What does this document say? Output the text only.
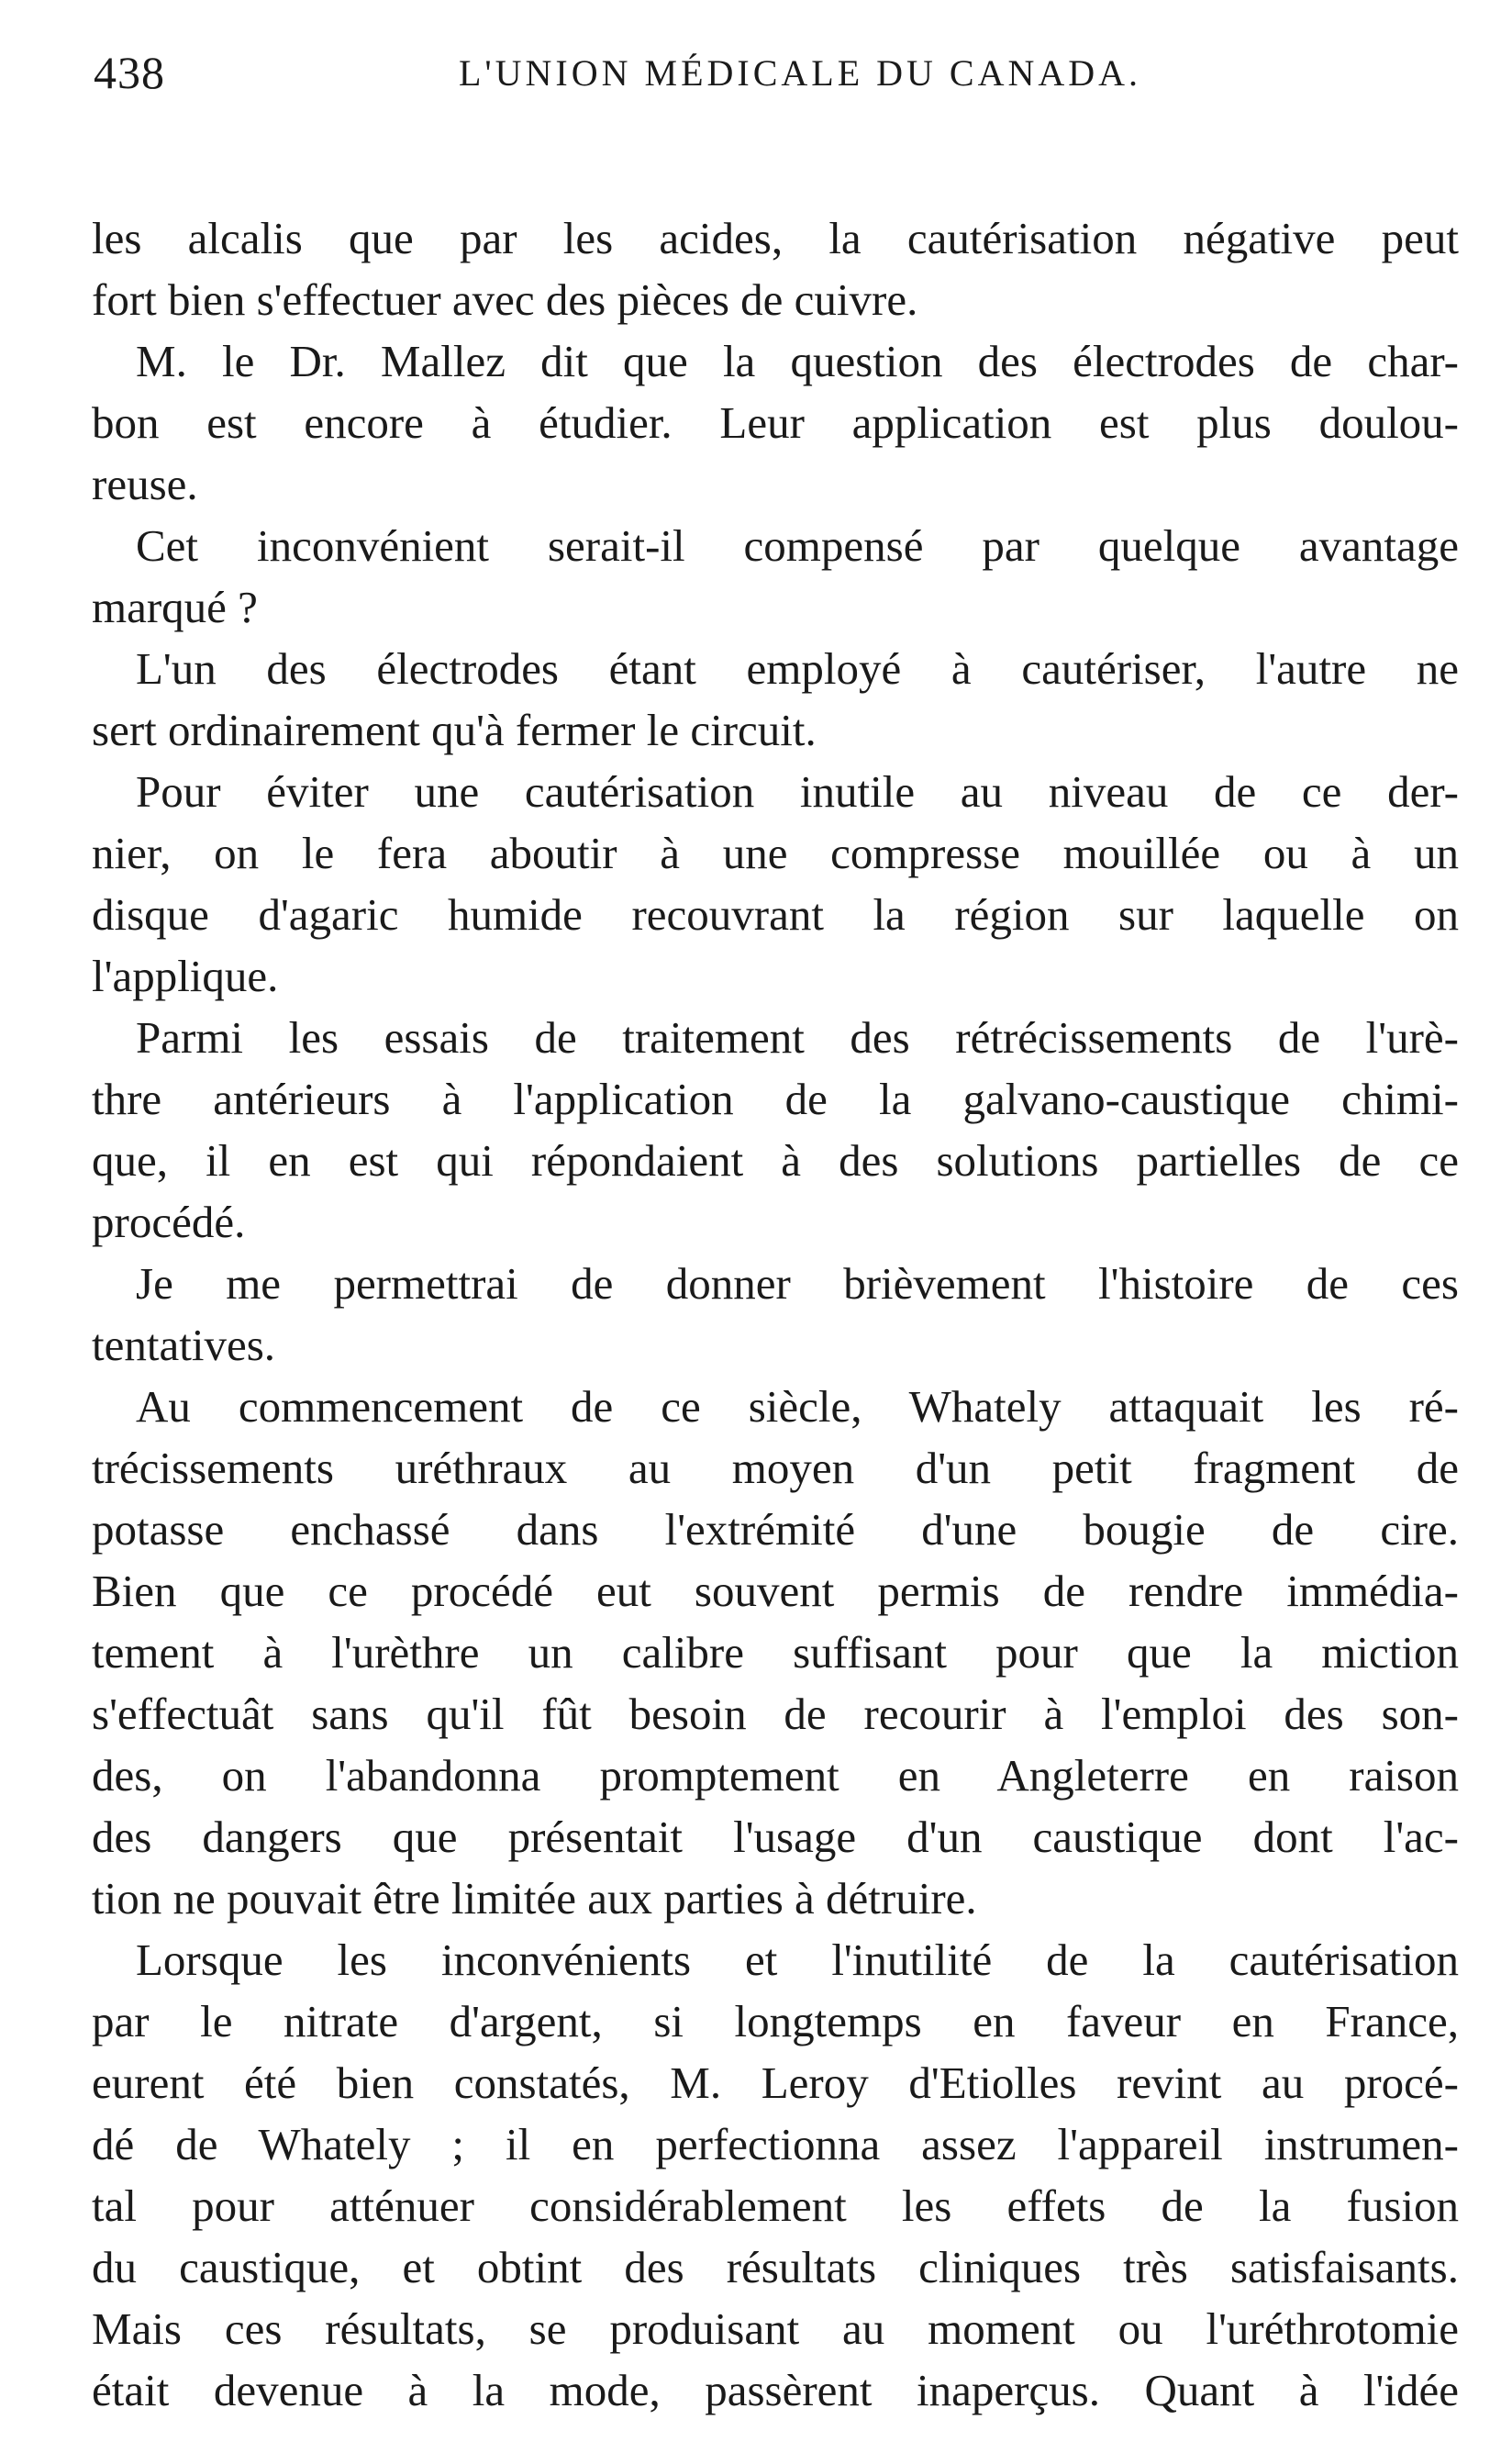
438	L'UNION MÉDICALE DU CANADA.
les alcalis que par les acides, la cautérisation négative peut
fort bien s'effectuer avec des pièces de cuivre.
M. le Dr. Mallez dit que la question des électrodes de char-
bon est encore à étudier. Leur application est plus doulou-
reuse.
Cet inconvénient serait-il compensé par quelque avantage
marqué ?
L'un des électrodes étant employé à cautériser, l'autre ne
sert ordinairement qu'à fermer le circuit.
Pour éviter une cautérisation inutile au niveau de ce der-
nier, on le fera aboutir à une compresse mouillée ou à un
disque d'agaric humide recouvrant la région sur laquelle on
l'applique.
Parmi les essais de traitement des rétrécissements de l'urè-
thre antérieurs à l'application de la galvano-caustique chimi-
que, il en est qui répondaient à des solutions partielles de ce
procédé.
Je me permettrai de donner brièvement l'histoire de ces
tentatives.
Au commencement de ce siècle, Whately attaquait les ré-
trécissements uréthraux au moyen d'un petit fragment de
potasse enchassé dans l'extrémité d'une bougie de cire.
Bien que ce procédé eut souvent permis de rendre immédia-
tement à l'urèthre un calibre suffisant pour que la miction
s'effectuât sans qu'il fût besoin de recourir à l'emploi des son-
des, on l'abandonna promptement en Angleterre en raison
des dangers que présentait l'usage d'un caustique dont l'ac-
tion ne pouvait être limitée aux parties à détruire.
Lorsque les inconvénients et l'inutilité de la cautérisation
par le nitrate d'argent, si longtemps en faveur en France,
eurent été bien constatés, M. Leroy d'Etiolles revint au procé-
dé de Whately ; il en perfectionna assez l'appareil instrumen-
tal pour atténuer considérablement les effets de la fusion
du caustique, et obtint des résultats cliniques très satisfaisants.
Mais ces résultats, se produisant au moment ou l'uréthrotomie
était devenue à la mode, passèrent inaperçus. Quant à l'idée
